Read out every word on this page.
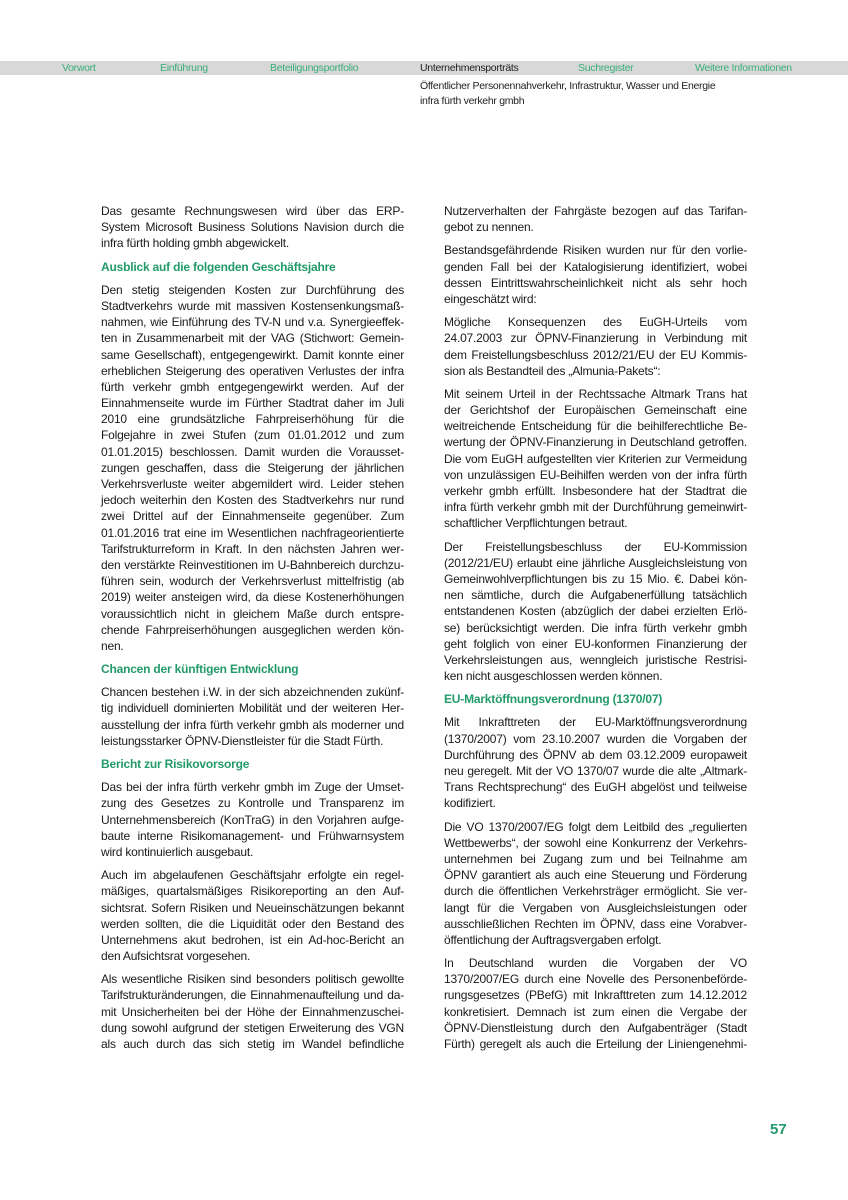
Vorwort	Einführung	Beteiligungsportfolio	Unternehmensporträts	Suchregister	Weitere Informationen
Öffentlicher Personennahverkehr, Infrastruktur, Wasser und Energie
infra fürth verkehr gmbh
Das gesamte Rechnungswesen wird über das ERP-
System Microsoft Business Solutions Navision durch die
infra fürth holding gmbh abgewickelt.
Ausblick auf die folgenden Geschäftsjahre
Den stetig steigenden Kosten zur Durchführung des
Stadtverkehrs wurde mit massiven Kostensenkungsmaß-
nahmen, wie Einführung des TV-N und v.a. Synergieeffek-
ten in Zusammenarbeit mit der VAG (Stichwort: Gemein-
same Gesellschaft), entgegengewirkt. Damit konnte einer
erheblichen Steigerung des operativen Verlustes der infra
fürth verkehr gmbh entgegengewirkt werden. Auf der
Einnahmenseite wurde im Fürther Stadtrat daher im Juli
2010 eine grundsätzliche Fahrpreiserhöhung für die
Folgejahre in zwei Stufen (zum 01.01.2012 und zum
01.01.2015) beschlossen. Damit wurden die Vorausset-
zungen geschaffen, dass die Steigerung der jährlichen
Verkehrsverluste weiter abgemildert wird. Leider stehen
jedoch weiterhin den Kosten des Stadtverkehrs nur rund
zwei Drittel auf der Einnahmenseite gegenüber. Zum
01.01.2016 trat eine im Wesentlichen nachfrageorientierte
Tarifstrukturreform in Kraft. In den nächsten Jahren wer-
den verstärkte Reinvestitionen im U-Bahnbereich durchzu-
führen sein, wodurch der Verkehrsverlust mittelfristig (ab
2019) weiter ansteigen wird, da diese Kostenerhöhungen
voraussichtlich nicht in gleichem Maße durch entspre-
chende Fahrpreiserhöhungen ausgeglichen werden kön-
nen.
Chancen der künftigen Entwicklung
Chancen bestehen i.W. in der sich abzeichnenden zukünf-
tig individuell dominierten Mobilität und der weiteren Her-
ausstellung der infra fürth verkehr gmbh als moderner und
leistungsstarker ÖPNV-Dienstleister für die Stadt Fürth.
Bericht zur Risikovorsorge
Das bei der infra fürth verkehr gmbh im Zuge der Umset-
zung des Gesetzes zu Kontrolle und Transparenz im
Unternehmensbereich (KonTraG) in den Vorjahren aufge-
baute interne Risikomanagement- und Frühwarnsystem
wird kontinuierlich ausgebaut.
Auch im abgelaufenen Geschäftsjahr erfolgte ein regel-
mäßiges, quartalsmäßiges Risikoreporting an den Auf-
sichtsrat. Sofern Risiken und Neueinschätzungen bekannt
werden sollten, die die Liquidität oder den Bestand des
Unternehmens akut bedrohen, ist ein Ad-hoc-Bericht an
den Aufsichtsrat vorgesehen.
Als wesentliche Risiken sind besonders politisch gewollte
Tarifstrukturänderungen, die Einnahmenaufteilung und da-
mit Unsicherheiten bei der Höhe der Einnahmenzuschei-
dung sowohl aufgrund der stetigen Erweiterung des VGN
als auch durch das sich stetig im Wandel befindliche
Nutzerverhalten der Fahrgäste bezogen auf das Tarifan-
gebot zu nennen.
Bestandsgefährdende Risiken wurden nur für den vorlie-
genden Fall bei der Katalogisierung identifiziert, wobei
dessen Eintrittswahrscheinlichkeit nicht als sehr hoch
eingeschätzt wird:
Mögliche Konsequenzen des EuGH-Urteils vom
24.07.2003 zur ÖPNV-Finanzierung in Verbindung mit
dem Freistellungsbeschluss 2012/21/EU der EU Kommis-
sion als Bestandteil des „Almunia-Pakets“:
Mit seinem Urteil in der Rechtssache Altmark Trans hat
der Gerichtshof der Europäischen Gemeinschaft eine
weitreichende Entscheidung für die beihilferechtliche Be-
wertung der ÖPNV-Finanzierung in Deutschland getroffen.
Die vom EuGH aufgestellten vier Kriterien zur Vermeidung
von unzulässigen EU-Beihilfen werden von der infra fürth
verkehr gmbh erfüllt. Insbesondere hat der Stadtrat die
infra fürth verkehr gmbh mit der Durchführung gemeinwirt-
schaftlicher Verpflichtungen betraut.
Der Freistellungsbeschluss der EU-Kommission
(2012/21/EU) erlaubt eine jährliche Ausgleichsleistung von
Gemeinwohlverpflichtungen bis zu 15 Mio. €. Dabei kön-
nen sämtliche, durch die Aufgabenerfüllung tatsächlich
entstandenen Kosten (abzüglich der dabei erzielten Erlö-
se) berücksichtigt werden. Die infra fürth verkehr gmbh
geht folglich von einer EU-konformen Finanzierung der
Verkehrsleistungen aus, wenngleich juristische Restrisi-
ken nicht ausgeschlossen werden können.
EU-Marktöffnungsverordnung (1370/07)
Mit Inkrafttreten der EU-Marktöffnungsverordnung
(1370/2007) vom 23.10.2007 wurden die Vorgaben der
Durchführung des ÖPNV ab dem 03.12.2009 europaweit
neu geregelt. Mit der VO 1370/07 wurde die alte „Altmark-
Trans Rechtsprechung“ des EuGH abgelöst und teilweise
kodifiziert.
Die VO 1370/2007/EG folgt dem Leitbild des „regulierten
Wettbewerbs“, der sowohl eine Konkurrenz der Verkehrs-
unternehmen bei Zugang zum und bei Teilnahme am
ÖPNV garantiert als auch eine Steuerung und Förderung
durch die öffentlichen Verkehrsträger ermöglicht. Sie ver-
langt für die Vergaben von Ausgleichsleistungen oder
ausschließlichen Rechten im ÖPNV, dass eine Vorabver-
öffentlichung der Auftragsvergaben erfolgt.
In Deutschland wurden die Vorgaben der VO
1370/2007/EG durch eine Novelle des Personenbeförde-
rungsgesetzes (PBefG) mit Inkrafttreten zum 14.12.2012
konkretisiert. Demnach ist zum einen die Vergabe der
ÖPNV-Dienstleistung durch den Aufgabenträger (Stadt
Fürth) geregelt als auch die Erteilung der Liniengenehmi-
57
